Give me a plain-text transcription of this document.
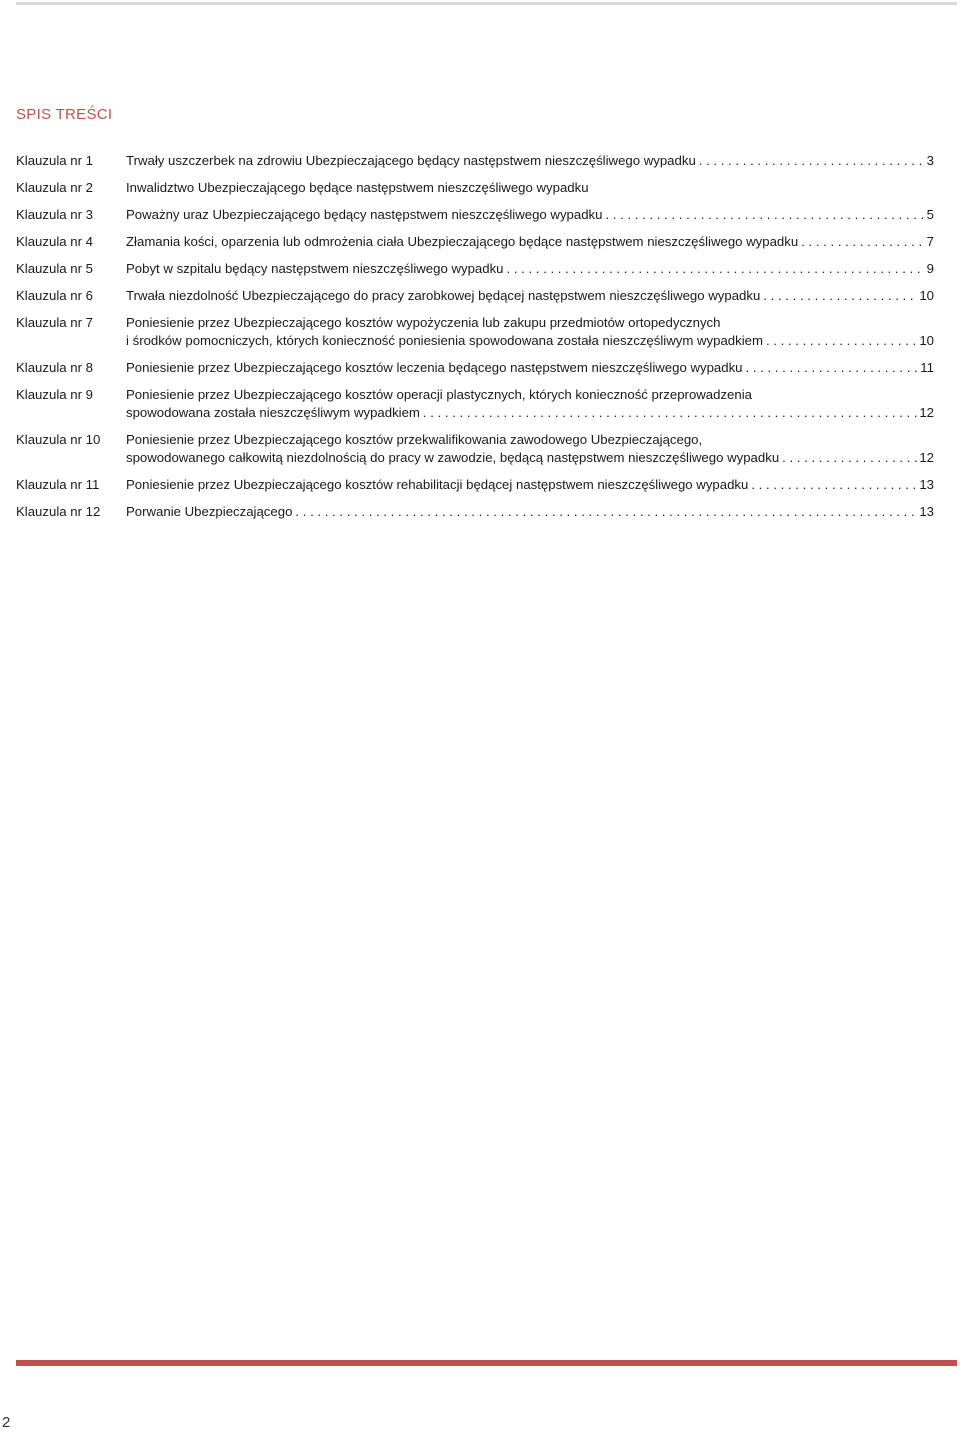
SPIS TREŚCI
Klauzula nr 1	Trwały uszczerbek na zdrowiu Ubezpieczającego będący następstwem nieszczęśliwego wypadku . . .	3
Klauzula nr 2	Inwalidztwo Ubezpieczającego będące następstwem nieszczęśliwego wypadku
Klauzula nr 3	Poważny uraz Ubezpieczającego będący następstwem nieszczęśliwego wypadku . . .	5
Klauzula nr 4	Złamania kości, oparzenia lub odmrożenia ciała Ubezpieczającego będące następstwem nieszczęśliwego wypadku . . .	7
Klauzula nr 5	Pobyt w szpitalu będący następstwem nieszczęśliwego wypadku . . .	9
Klauzula nr 6	Trwała niezdolność Ubezpieczającego do pracy zarobkowej będącej następstwem nieszczęśliwego wypadku . . .	10
Klauzula nr 7	Poniesienie przez Ubezpieczającego kosztów wypożyczenia lub zakupu przedmiotów ortopedycznych
i środków pomocniczych, których konieczność poniesienia spowodowana została nieszczęśliwym wypadkiem . . .	10
Klauzula nr 8	Poniesienie przez Ubezpieczającego kosztów leczenia będącego następstwem nieszczęśliwego wypadku . . .	11
Klauzula nr 9	Poniesienie przez Ubezpieczającego kosztów operacji plastycznych, których konieczność przeprowadzenia
spowodowana została nieszczęśliwym wypadkiem . . .	12
Klauzula nr 10	Poniesienie przez Ubezpieczającego kosztów przekwalifikowania zawodowego Ubezpieczającego,
spowodowanego całkowitą niezdolnością do pracy w zawodzie, będącą następstwem nieszczęśliwego wypadku . . .	12
Klauzula nr 11	Poniesienie przez Ubezpieczającego kosztów rehabilitacji będącej następstwem nieszczęśliwego wypadku . . .	13
Klauzula nr 12	Porwanie Ubezpieczającego . . .	13
2
